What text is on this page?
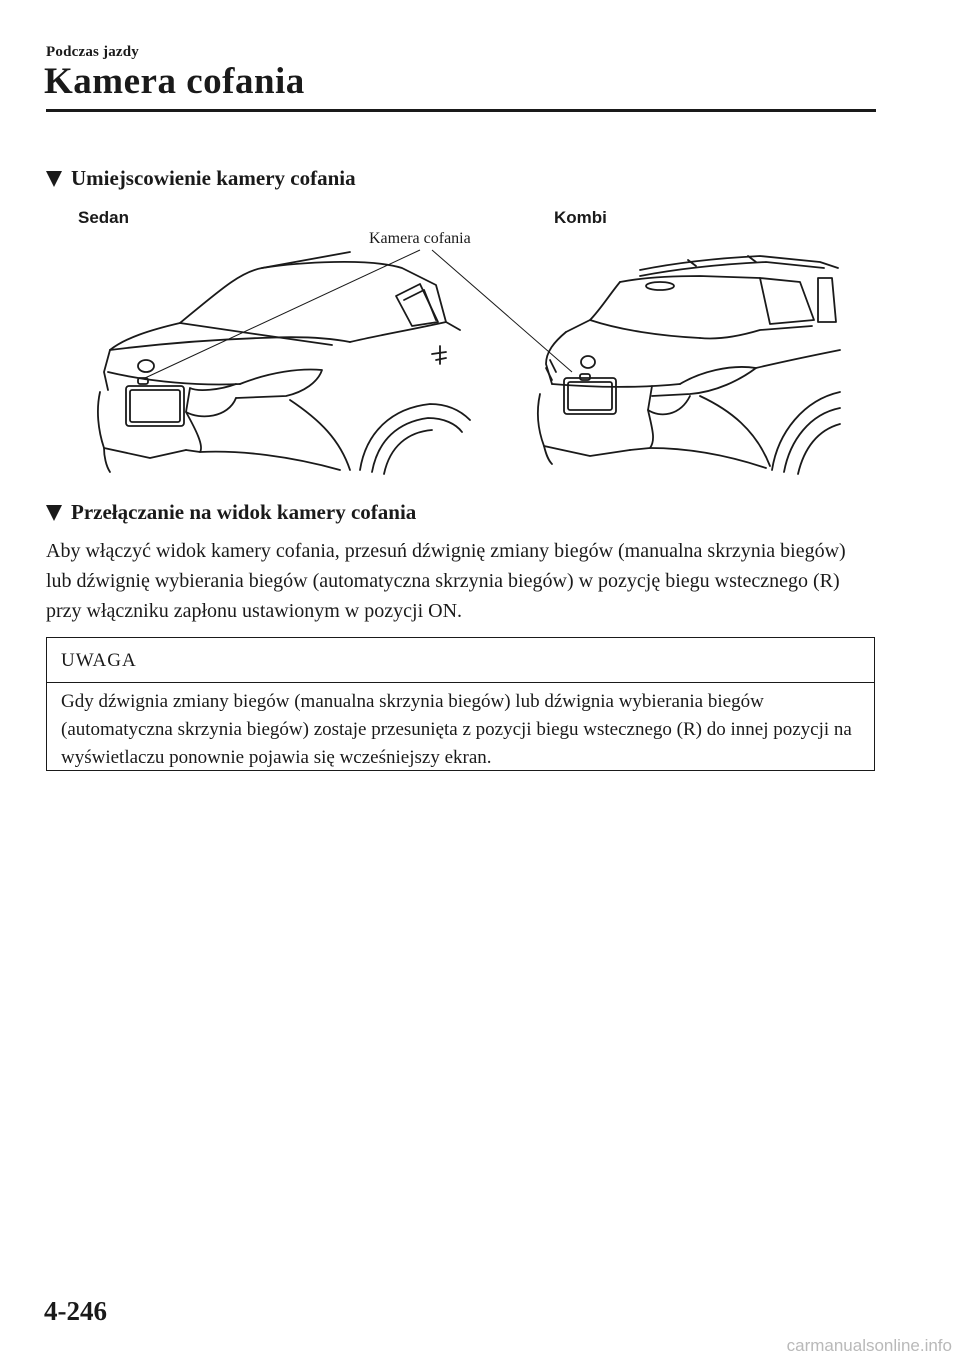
Podczas jazdy
Kamera cofania
Umiejscowienie kamery cofania
Sedan	Kombi
Kamera cofania
Przełączanie na widok kamery cofania
Aby włączyć widok kamery cofania, przesuń dźwignię zmiany biegów (manualna skrzynia biegów) lub dźwignię wybierania biegów (automatyczna skrzynia biegów) w pozycję biegu wstecznego (R) przy włączniku zapłonu ustawionym w pozycji ON.
UWAGA
Gdy dźwignia zmiany biegów (manualna skrzynia biegów) lub dźwignia wybierania biegów (automatyczna skrzynia biegów) zostaje przesunięta z pozycji biegu wstecznego (R) do innej pozycji na wyświetlaczu ponownie pojawia się wcześniejszy ekran.
4-246
carmanualsonline.info
